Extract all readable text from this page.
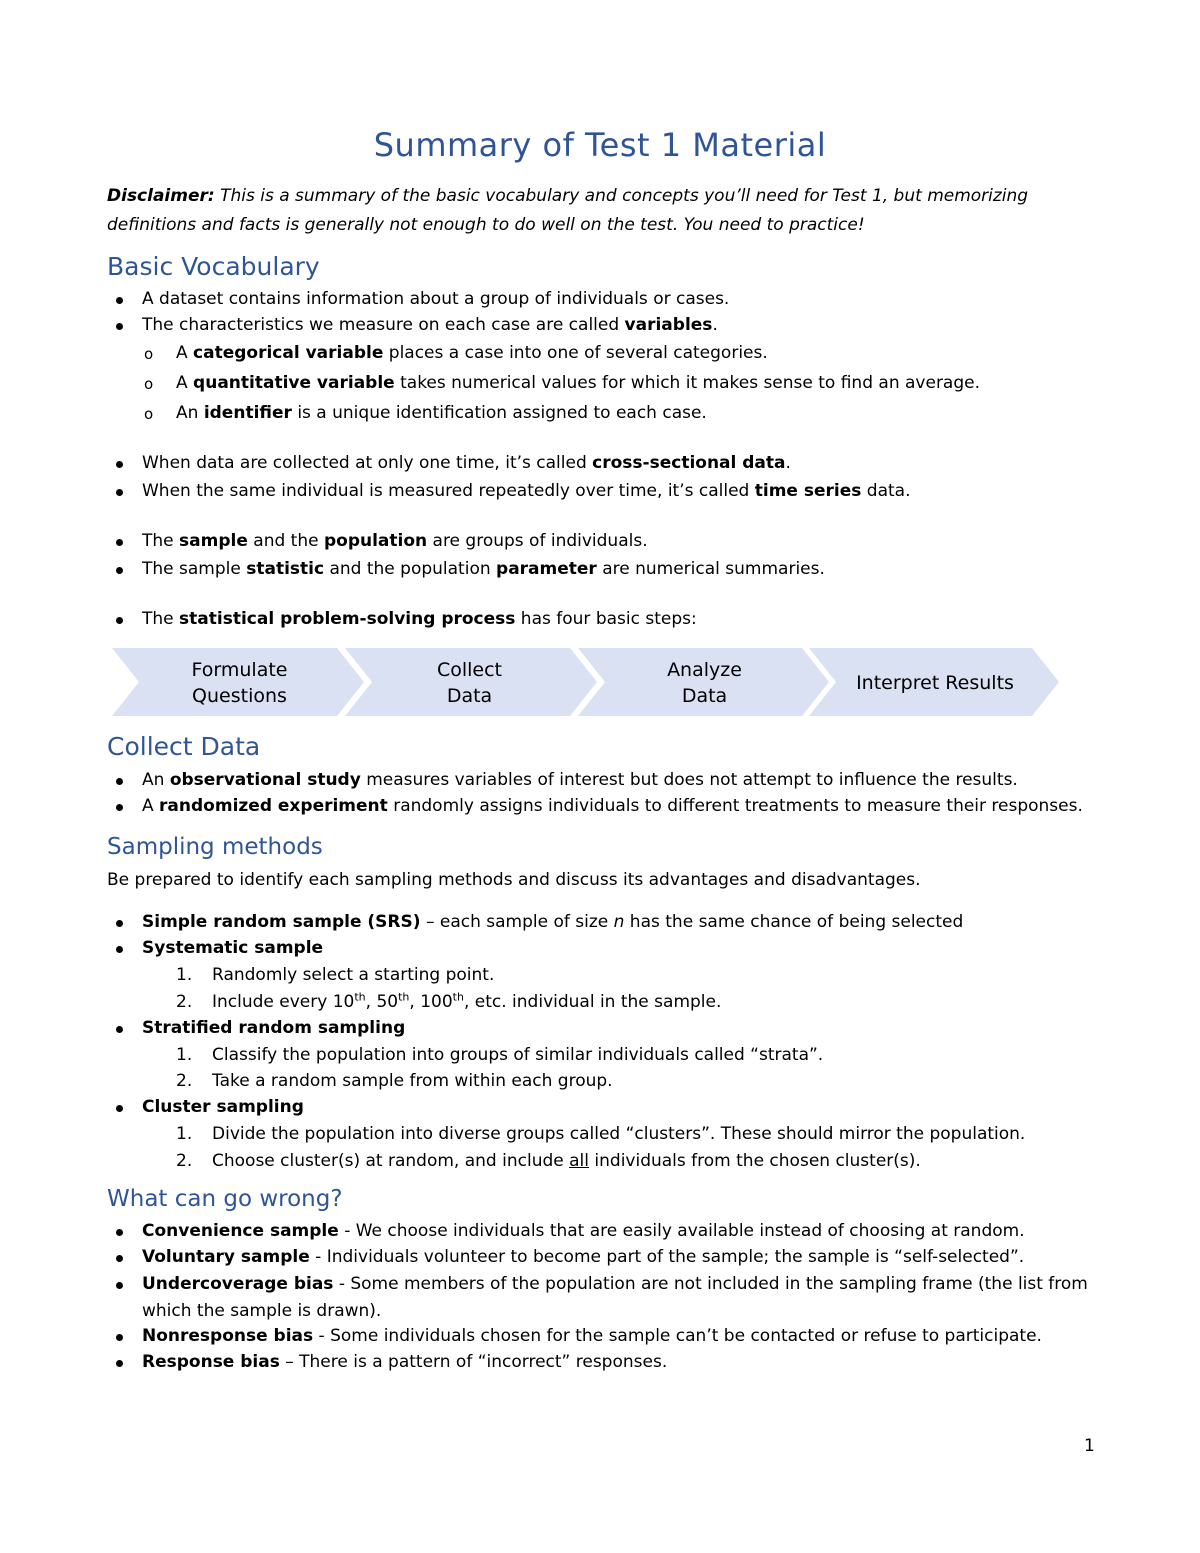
Summary of Test 1 Material
Disclaimer: This is a summary of the basic vocabulary and concepts you’ll need for Test 1, but memorizing
definitions and facts is generally not enough to do well on the test. You need to practice!
Basic Vocabulary
A dataset contains information about a group of individuals or cases.
The characteristics we measure on each case are called variables.
o A categorical variable places a case into one of several categories.
o A quantitative variable takes numerical values for which it makes sense to find an average.
o An identifier is a unique identification assigned to each case.
When data are collected at only one time, it’s called cross-sectional data.
When the same individual is measured repeatedly over time, it’s called time series data.
The sample and the population are groups of individuals.
The sample statistic and the population parameter are numerical summaries.
The statistical problem-solving process has four basic steps:
Formulate
Questions
Collect
Data
Analyze
Data
Interpret Results
Collect Data
An observational study measures variables of interest but does not attempt to influence the results.
A randomized experiment randomly assigns individuals to different treatments to measure their responses.
Sampling methods
Be prepared to identify each sampling methods and discuss its advantages and disadvantages.
Simple random sample (SRS) – each sample of size n has the same chance of being selected
Systematic sample
1. Randomly select a starting point.
2. Include every 10th, 50th, 100th, etc. individual in the sample.
Stratified random sampling
1. Classify the population into groups of similar individuals called “strata”.
2. Take a random sample from within each group.
Cluster sampling
1. Divide the population into diverse groups called “clusters”. These should mirror the population.
2. Choose cluster(s) at random, and include all individuals from the chosen cluster(s).
What can go wrong?
Convenience sample - We choose individuals that are easily available instead of choosing at random.
Voluntary sample - Individuals volunteer to become part of the sample; the sample is “self-selected”.
Undercoverage bias - Some members of the population are not included in the sampling frame (the list from
which the sample is drawn).
Nonresponse bias - Some individuals chosen for the sample can’t be contacted or refuse to participate.
Response bias – There is a pattern of “incorrect” responses.
1
